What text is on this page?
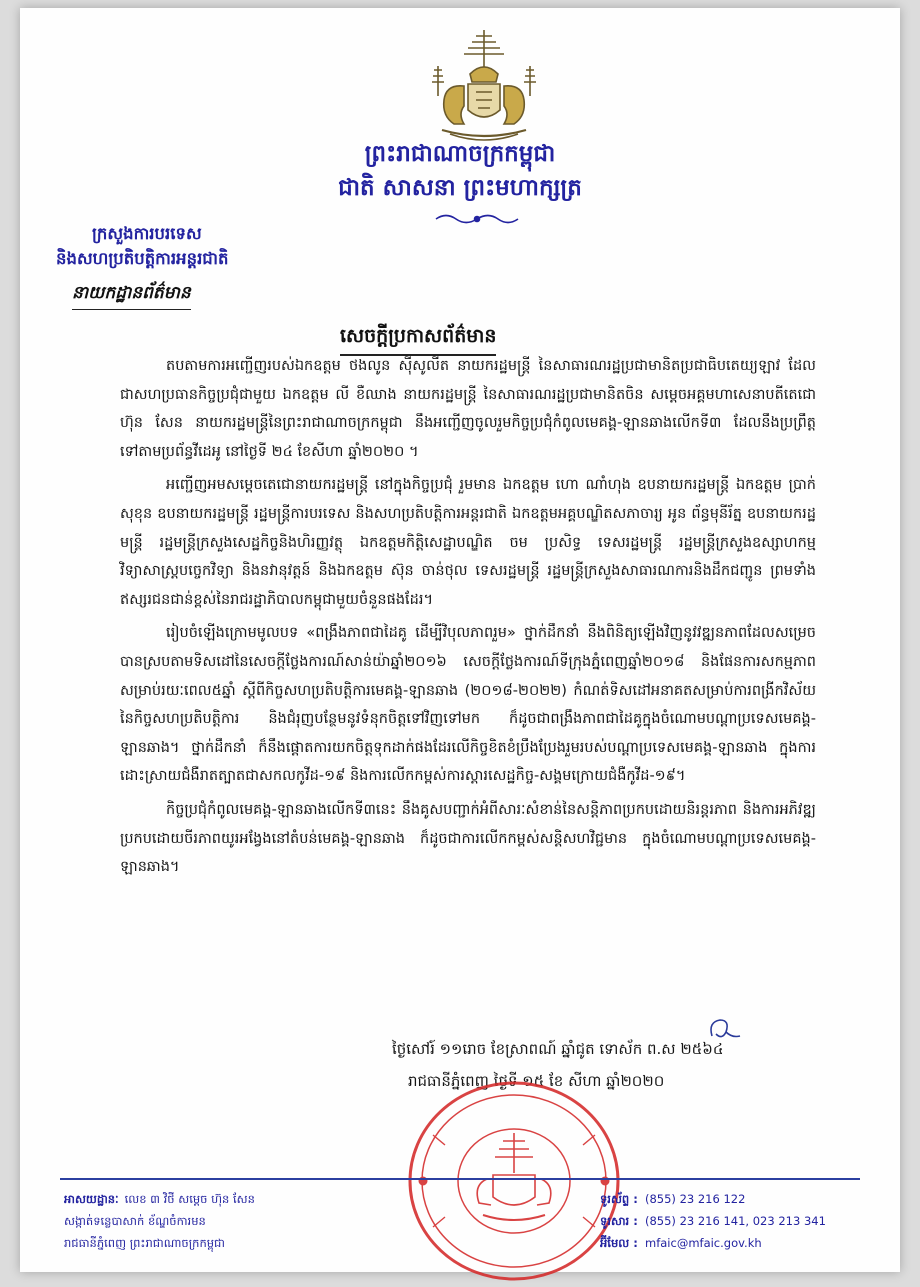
ព្រះរាជាណាចក្រកម្ពុជា
ជាតិ សាសនា ព្រះមហាក្សត្រ
ក្រសួងការបរទេស
និងសហប្រតិបត្តិការអន្តរជាតិ
នាយកដ្ឋានព័ត៌មាន
សេចក្តីប្រកាសព័ត៌មាន

តបតាមការអញ្ជើញរបស់ឯកឧត្តម ថងលូន ស៊ីសូលីត នាយករដ្ឋមន្ត្រី នៃសាធារណរដ្ឋប្រជាមានិតប្រជាធិបតេយ្យឡាវ ដែលជាសហប្រធានកិច្ចប្រជុំជាមួយ ឯកឧត្តម លី ខឺឈាង នាយករដ្ឋមន្ត្រី នៃសាធារណរដ្ឋប្រជាមានិតចិន សម្តេចអគ្គមហាសេនាបតីតេជោ ហ៊ុន សែន នាយករដ្ឋមន្ត្រីនៃព្រះរាជាណាចក្រកម្ពុជា នឹងអញ្ជើញចូលរួមកិច្ចប្រជុំកំពូលមេគង្គ-ឡានឆាងលើកទី៣ ដែលនឹងប្រព្រឹត្តទៅតាមប្រព័ន្ធវីដេអូ នៅថ្ងៃទី ២៤ ខែសីហា ឆ្នាំ២០២០ ។

អញ្ជើញអមសម្តេចតេជោនាយករដ្ឋមន្ត្រី នៅក្នុងកិច្ចប្រជុំ រួមមាន ឯកឧត្តម ហោ ណាំហុង ឧបនាយករដ្ឋមន្ត្រី ឯកឧត្តម ប្រាក់ សុខុន ឧបនាយករដ្ឋមន្ត្រី រដ្ឋមន្ត្រីការបរទេស និងសហប្រតិបត្តិការអន្តរជាតិ ឯកឧត្តមអគ្គបណ្ឌិតសភាចារ្យ អូន ព័ន្ធមុនីរ័ត្ន ឧបនាយករដ្ឋមន្ត្រី រដ្ឋមន្ត្រីក្រសួងសេដ្ឋកិច្ចនិងហិរញ្ញវត្ថុ ឯកឧត្តមកិត្តិសេដ្ឋាបណ្ឌិត ចម ប្រសិទ្ធ ទេសរដ្ឋមន្ត្រី រដ្ឋមន្ត្រីក្រសួងឧស្សាហកម្ម វិទ្យាសាស្ត្របច្ចេកវិទ្យា និងនវានុវត្តន៍ និងឯកឧត្តម ស៊ុន ចាន់ថុល ទេសរដ្ឋមន្ត្រី រដ្ឋមន្ត្រីក្រសួងសាធារណការនិងដឹកជញ្ជូន ព្រមទាំងឥស្សរជនជាន់ខ្ពស់នៃរាជរដ្ឋាភិបាលកម្ពុជាមួយចំនួនផងដែរ។

រៀបចំឡើងក្រោមមូលបទ «ពង្រឹងភាពជាដៃគូ ដើម្បីវិបុលភាពរួម» ថ្នាក់ដឹកនាំ នឹងពិនិត្យឡើងវិញនូវវឌ្ឍនភាពដែលសម្រេចបានស្របតាមទិសដៅនៃសេចក្តីថ្លែងការណ៍សាន់យ៉ាឆ្នាំ២០១៦ សេចក្តីថ្លែងការណ៍ទីក្រុងភ្នំពេញឆ្នាំ២០១៨ និងផែនការសកម្មភាពសម្រាប់រយៈពេល៥ឆ្នាំ ស្តីពីកិច្ចសហប្រតិបត្តិការមេគង្គ-ឡានឆាង (២០១៨-២០២២) កំណត់ទិសដៅអនាគតសម្រាប់ការពង្រីកវិស័យនៃកិច្ចសហប្រតិបត្តិការ និងជំរុញបន្ថែមនូវទំនុកចិត្តទៅវិញទៅមក ក៏ដូចជាពង្រឹងភាពជាដៃគូក្នុងចំណោមបណ្តាប្រទេសមេគង្គ-ឡានឆាង។ ថ្នាក់ដឹកនាំ ក៏នឹងផ្តោតការយកចិត្តទុកដាក់ផងដែរលើកិច្ចខិតខំប្រឹងប្រែងរួមរបស់បណ្តាប្រទេសមេគង្គ-ឡានឆាង ក្នុងការដោះស្រាយជំងឺរាតត្បាតជាសកលកូវីដ-១៩ និងការលើកកម្ពស់ការស្តារសេដ្ឋកិច្ច-សង្គមក្រោយជំងឺកូវីដ-១៩។

កិច្ចប្រជុំកំពូលមេគង្គ-ឡានឆាងលើកទី៣នេះ នឹងគូសបញ្ជាក់អំពីសារៈសំខាន់នៃសន្តិភាពប្រកបដោយនិរន្តរភាព និងការអភិវឌ្ឍប្រកបដោយចីរភាពយូរអង្វែងនៅតំបន់មេគង្គ-ឡានឆាង ក៏ដូចជាការលើកកម្ពស់សន្តិសហវិជ្ជមាន ក្នុងចំណោមបណ្តាប្រទេសមេគង្គ-ឡានឆាង។

ថ្ងៃសៅរ៍ ១១រោច ខែស្រាពណ៍ ឆ្នាំជូត ទោស័ក ព.ស ២៥៦៤
រាជធានីភ្នំពេញ ថ្ងៃទី ១៥ ខែ សីហា ឆ្នាំ២០២០
អាសយដ្ឋានៈ លេខ ៣ វិថី សម្តេច ហ៊ុន សែន
សង្កាត់ទន្លេបាសាក់ ខ័ណ្ឌចំការមន
រាជធានីភ្នំពេញ ព្រះរាជាណាចក្រកម្ពុជា
ទូរស័ព្ទ : (855) 23 216 122
ទូរសារ : (855) 23 216 141, 023 213 341
អ៊ីមែល : mfaic@mfaic.gov.kh
